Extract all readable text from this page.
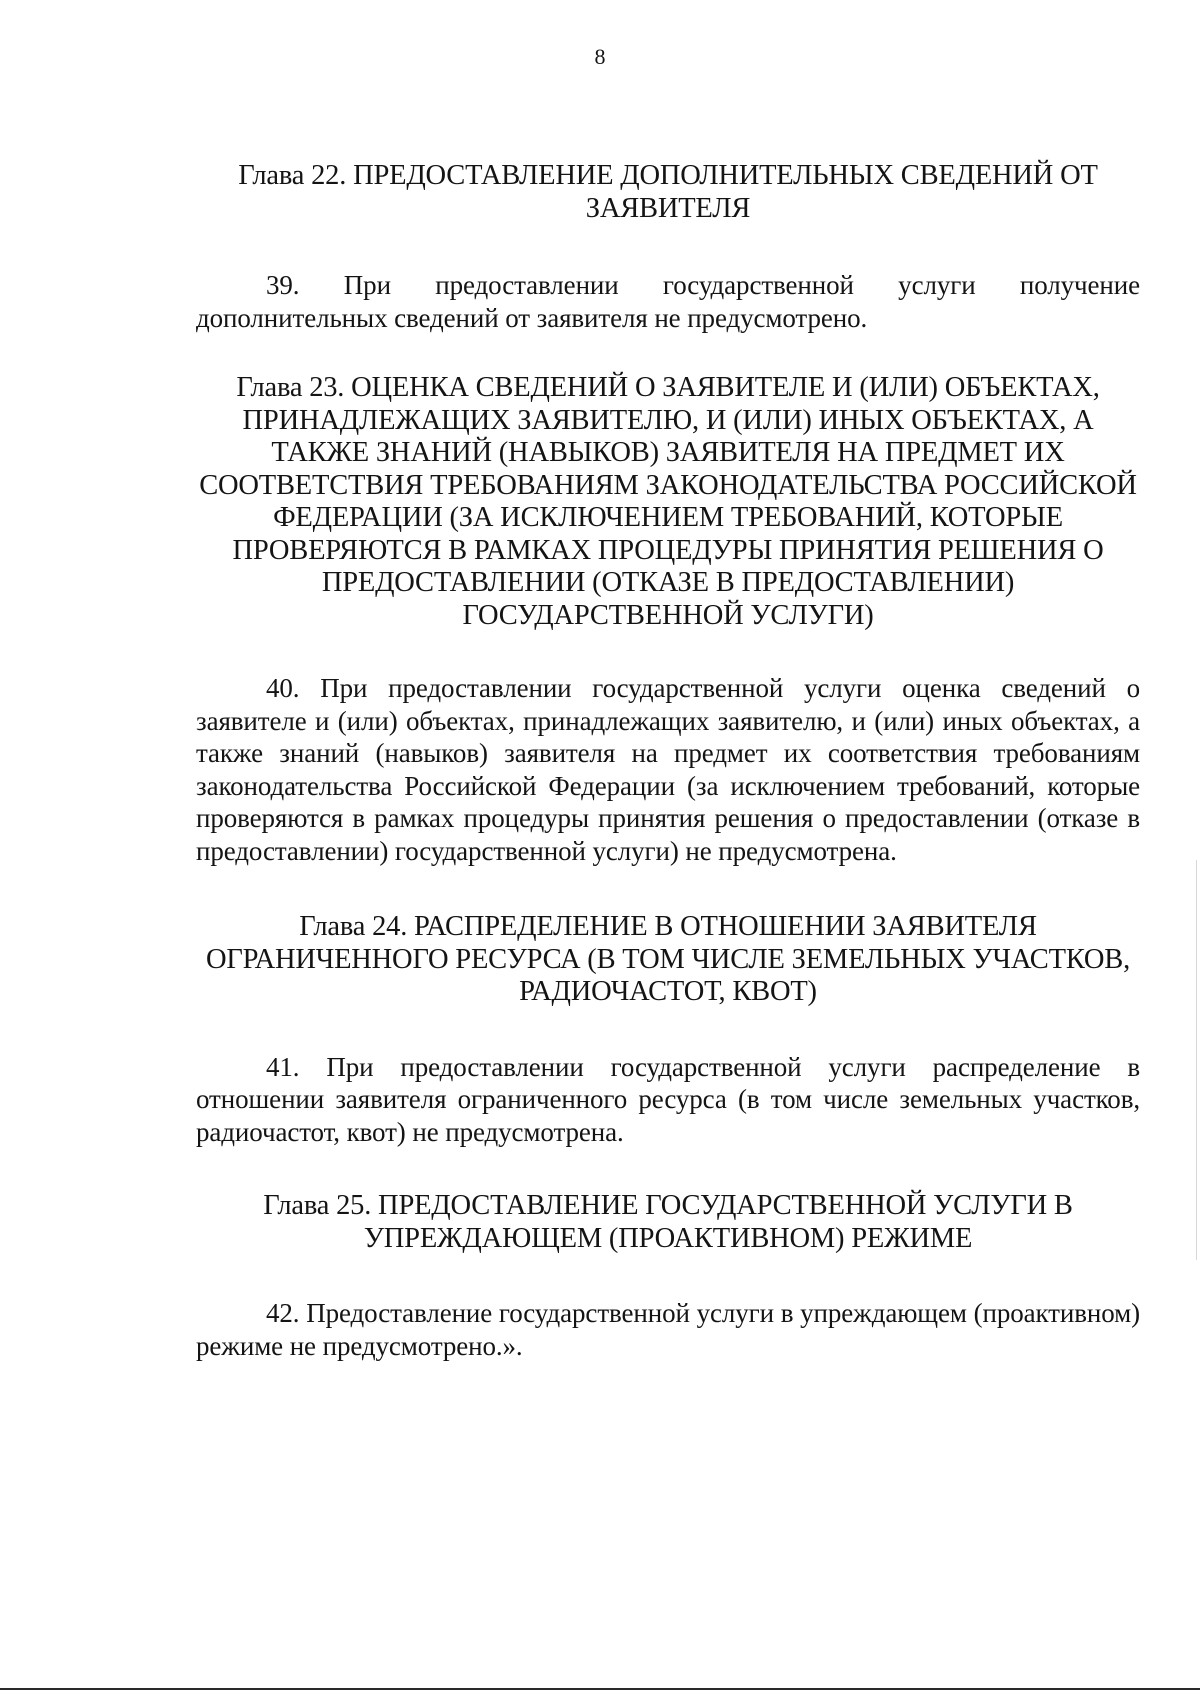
8
Глава 22. ПРЕДОСТАВЛЕНИЕ ДОПОЛНИТЕЛЬНЫХ СВЕДЕНИЙ ОТ ЗАЯВИТЕЛЯ

39. При предоставлении государственной услуги получение дополнительных сведений от заявителя не предусмотрено.

Глава 23. ОЦЕНКА СВЕДЕНИЙ О ЗАЯВИТЕЛЕ И (ИЛИ) ОБЪЕКТАХ, ПРИНАДЛЕЖАЩИХ ЗАЯВИТЕЛЮ, И (ИЛИ) ИНЫХ ОБЪЕКТАХ, А ТАКЖЕ ЗНАНИЙ (НАВЫКОВ) ЗАЯВИТЕЛЯ НА ПРЕДМЕТ ИХ СООТВЕТСТВИЯ ТРЕБОВАНИЯМ ЗАКОНОДАТЕЛЬСТВА РОССИЙСКОЙ ФЕДЕРАЦИИ (ЗА ИСКЛЮЧЕНИЕМ ТРЕБОВАНИЙ, КОТОРЫЕ ПРОВЕРЯЮТСЯ В РАМКАХ ПРОЦЕДУРЫ ПРИНЯТИЯ РЕШЕНИЯ О ПРЕДОСТАВЛЕНИИ (ОТКАЗЕ В ПРЕДОСТАВЛЕНИИ) ГОСУДАРСТВЕННОЙ УСЛУГИ)

40. При предоставлении государственной услуги оценка сведений о заявителе и (или) объектах, принадлежащих заявителю, и (или) иных объектах, а также знаний (навыков) заявителя на предмет их соответствия требованиям законодательства Российской Федерации (за исключением требований, которые проверяются в рамках процедуры принятия решения о предоставлении (отказе в предоставлении) государственной услуги) не предусмотрена.

Глава 24. РАСПРЕДЕЛЕНИЕ В ОТНОШЕНИИ ЗАЯВИТЕЛЯ ОГРАНИЧЕННОГО РЕСУРСА (В ТОМ ЧИСЛЕ ЗЕМЕЛЬНЫХ УЧАСТКОВ, РАДИОЧАСТОТ, КВОТ)

41. При предоставлении государственной услуги распределение в отношении заявителя ограниченного ресурса (в том числе земельных участков, радиочастот, квот) не предусмотрена.

Глава 25. ПРЕДОСТАВЛЕНИЕ ГОСУДАРСТВЕННОЙ УСЛУГИ В УПРЕЖДАЮЩЕМ (ПРОАКТИВНОМ) РЕЖИМЕ

42. Предоставление государственной услуги в упреждающем (проактивном) режиме не предусмотрено.».
